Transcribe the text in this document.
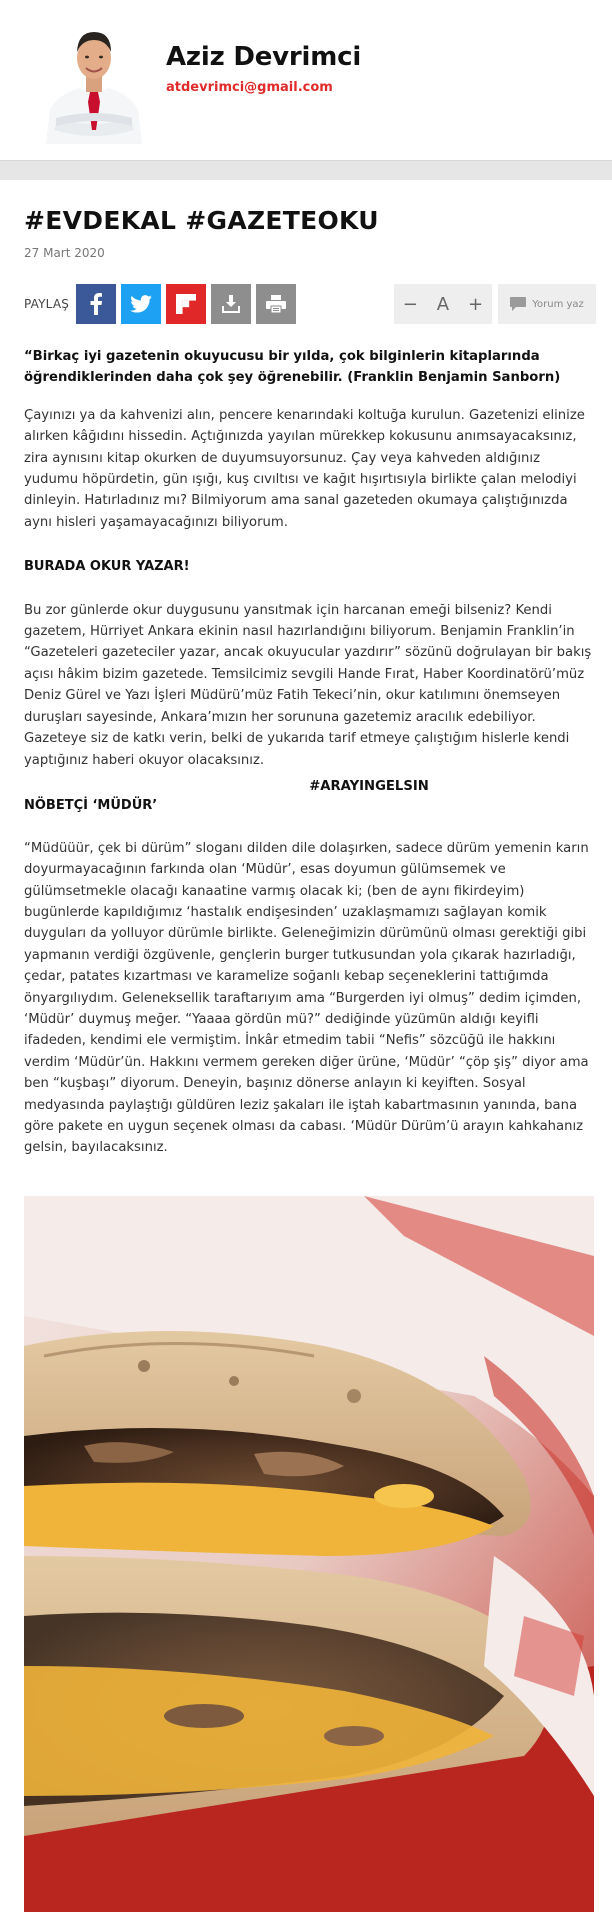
Aziz Devrimci
atdevrimci@gmail.com
#EVDEKAL #GAZETEOKU
27 Mart 2020
PAYLAŞ	−	A	+	Yorum yaz

“Birkaç iyi gazetenin okuyucusu bir yılda, çok bilginlerin kitaplarında öğrendiklerinden daha çok şey öğrenebilir. (Franklin Benjamin Sanborn)

Çayınızı ya da kahvenizi alın, pencere kenarındaki koltuğa kurulun. Gazetenizi elinize alırken kâğıdını hissedin. Açtığınızda yayılan mürekkep kokusunu anımsayacaksınız, zira aynısını kitap okurken de duyumsuyorsunuz. Çay veya kahveden aldığınız yudumu höpürdetin, gün ışığı, kuş cıvıltısı ve kağıt hışırtısıyla birlikte çalan melodiyi dinleyin. Hatırladınız mı? Bilmiyorum ama sanal gazeteden okumaya çalıştığınızda aynı hisleri yaşamayacağınızı biliyorum.

BURADA OKUR YAZAR!

Bu zor günlerde okur duygusunu yansıtmak için harcanan emeği bilseniz? Kendi gazetem, Hürriyet Ankara ekinin nasıl hazırlandığını biliyorum. Benjamin Franklin’in “Gazeteleri gazeteciler yazar, ancak okuyucular yazdırır” sözünü doğrulayan bir bakış açısı hâkim bizim gazetede. Temsilcimiz sevgili Hande Fırat, Haber Koordinatörü’müz Deniz Gürel ve Yazı İşleri Müdürü’müz Fatih Tekeci’nin, okur katılımını önemseyen duruşları sayesinde, Ankara’mızın her sorununa gazetemiz aracılık edebiliyor. Gazeteye siz de katkı verin, belki de yukarıda tarif etmeye çalıştığım hislerle kendi yaptığınız haberi okuyor olacaksınız.

#ARAYINGELSIN

NÖBETÇİ ‘MÜDÜR’

“Müdüüür, çek bi dürüm” sloganı dilden dile dolaşırken, sadece dürüm yemenin karın doyurmayacağının farkında olan ‘Müdür’, esas doyumun gülümsemek ve gülümsetmekle olacağı kanaatine varmış olacak ki; (ben de aynı fikirdeyim) bugünlerde kapıldığımız ‘hastalık endişesinden’ uzaklaşmamızı sağlayan komik duyguları da yolluyor dürümle birlikte. Geleneğimizin dürümünü olması gerektiği gibi yapmanın verdiği özgüvenle, gençlerin burger tutkusundan yola çıkarak hazırladığı, çedar, patates kızartması ve karamelize soğanlı kebap seçeneklerini tattığımda önyargılıydım. Geleneksellik taraftarıyım ama “Burgerden iyi olmuş” dedim içimden, ‘Müdür’ duymuş meğer. “Yaaaa gördün mü?” dediğinde yüzümün aldığı keyifli ifadeden, kendimi ele vermiştim. İnkâr etmedim tabii “Nefis” sözcüğü ile hakkını verdim ‘Müdür’ün. Hakkını vermem gereken diğer ürüne, ‘Müdür’ “çöp şiş” diyor ama ben “kuşbaşı” diyorum. Deneyin, başınız dönerse anlayın ki keyiften. Sosyal medyasında paylaştığı güldüren leziz şakaları ile iştah kabartmasının yanında, bana göre pakete en uygun seçenek olması da cabası. ‘Müdür Dürüm’ü arayın kahkahanız gelsin, bayılacaksınız.
